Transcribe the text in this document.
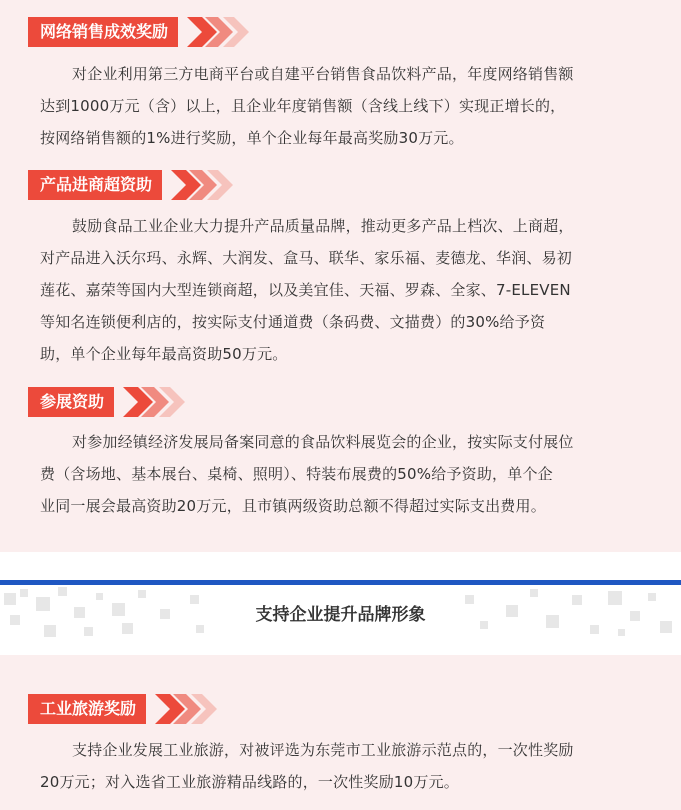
网络销售成效奖励

对企业利用第三方电商平台或自建平台销售食品饮料产品，年度网络销售额
达到1000万元（含）以上，且企业年度销售额（含线上线下）实现正增长的，
按网络销售额的1%进行奖励，单个企业每年最高奖励30万元。

产品进商超资助

鼓励食品工业企业大力提升产品质量品牌，推动更多产品上档次、上商超，
对产品进入沃尔玛、永辉、大润发、盒马、联华、家乐福、麦德龙、华润、易初
莲花、嘉荣等国内大型连锁商超，以及美宜佳、天福、罗森、全家、7-ELEVEN
等知名连锁便利店的，按实际支付通道费（条码费、文描费）的30%给予资
助，单个企业每年最高资助50万元。

参展资助

对参加经镇经济发展局备案同意的食品饮料展览会的企业，按实际支付展位
费（含场地、基本展台、桌椅、照明）、特装布展费的50%给予资助，单个企
业同一展会最高资助20万元，且市镇两级资助总额不得超过实际支出费用。

支持企业提升品牌形象
工业旅游奖励

支持企业发展工业旅游，对被评选为东莞市工业旅游示范点的，一次性奖励
20万元；对入选省工业旅游精品线路的，一次性奖励10万元。
